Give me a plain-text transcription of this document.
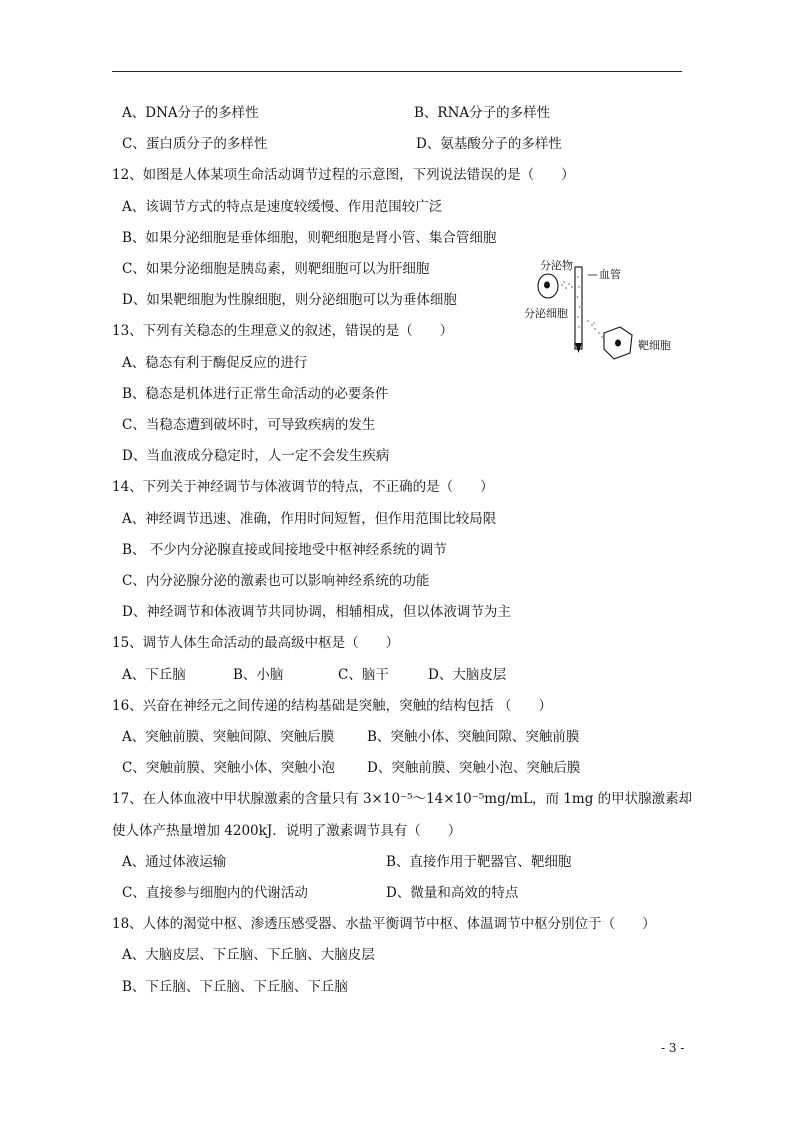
A、DNA分子的多样性	B、RNA分子的多样性
C、蛋白质分子的多样性	D、氨基酸分子的多样性
12、如图是人体某项生命活动调节过程的示意图，下列说法错误的是（　　）
A、该调节方式的特点是速度较缓慢、作用范围较广泛
B、如果分泌细胞是垂体细胞，则靶细胞是肾小管、集合管细胞
C、如果分泌细胞是胰岛素，则靶细胞可以为肝细胞
D、如果靶细胞为性腺细胞，则分泌细胞可以为垂体细胞
分泌物
血管
分泌细胞
靶细胞
13、下列有关稳态的生理意义的叙述，错误的是（　　）
A、稳态有利于酶促反应的进行
B、稳态是机体进行正常生命活动的必要条件
C、当稳态遭到破坏时，可导致疾病的发生
D、当血液成分稳定时，人一定不会发生疾病
14、下列关于神经调节与体液调节的特点，不正确的是（　　）
A、神经调节迅速、准确，作用时间短暂，但作用范围比较局限
B、 不少内分泌腺直接或间接地受中枢神经系统的调节
C、内分泌腺分泌的激素也可以影响神经系统的功能
D、神经调节和体液调节共同协调，相辅相成，但以体液调节为主
15、调节人体生命活动的最高级中枢是（　　）
A、下丘脑	B、小脑	C、脑干	D、大脑皮层
16、兴奋在神经元之间传递的结构基础是突触，突触的结构包括 （　　）
A、突触前膜、突触间隙、突触后膜 B、突触小体、突触间隙、突触前膜
C、突触前膜、突触小体、突触小泡 D、突触前膜、突触小泡、突触后膜
17、在人体血液中甲状腺激素的含量只有 3×10⁻⁵～14×10⁻⁵mg/mL，而 1mg 的甲状腺激素却
使人体产热量增加 4200kJ．说明了激素调节具有（　　）
A、通过体液运输	B、直接作用于靶器官、靶细胞
C、直接参与细胞内的代谢活动	D、微量和高效的特点
18、人体的渴觉中枢、渗透压感受器、水盐平衡调节中枢、体温调节中枢分别位于（　　）
A、大脑皮层、下丘脑、下丘脑、大脑皮层
B、下丘脑、下丘脑、下丘脑、下丘脑
- 3 -
